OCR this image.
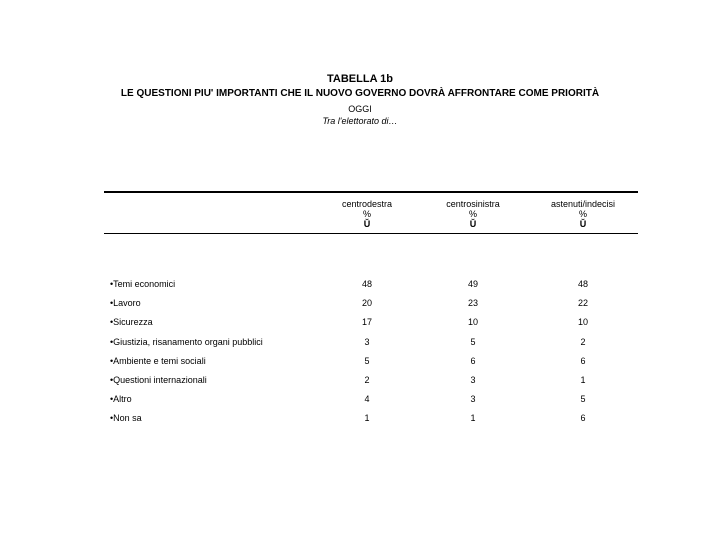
TABELLA 1b
LE QUESTIONI PIU' IMPORTANTI CHE IL NUOVO GOVERNO DOVRÀ AFFRONTARE COME PRIORITÀ
OGGI
Tra l'elettorato di…
centrodestra
%
Ŭ
centrosinistra
%
Ŭ
astenuti/indecisi
%
Ŭ
•Temi economici	48	49	48
•Lavoro	20	23	22
•Sicurezza	17	10	10
•Giustizia, risanamento organi pubblici	3	5	2
•Ambiente e temi sociali	5	6	6
•Questioni internazionali	2	3	1
•Altro	4	3	5
•Non sa	1	1	6
